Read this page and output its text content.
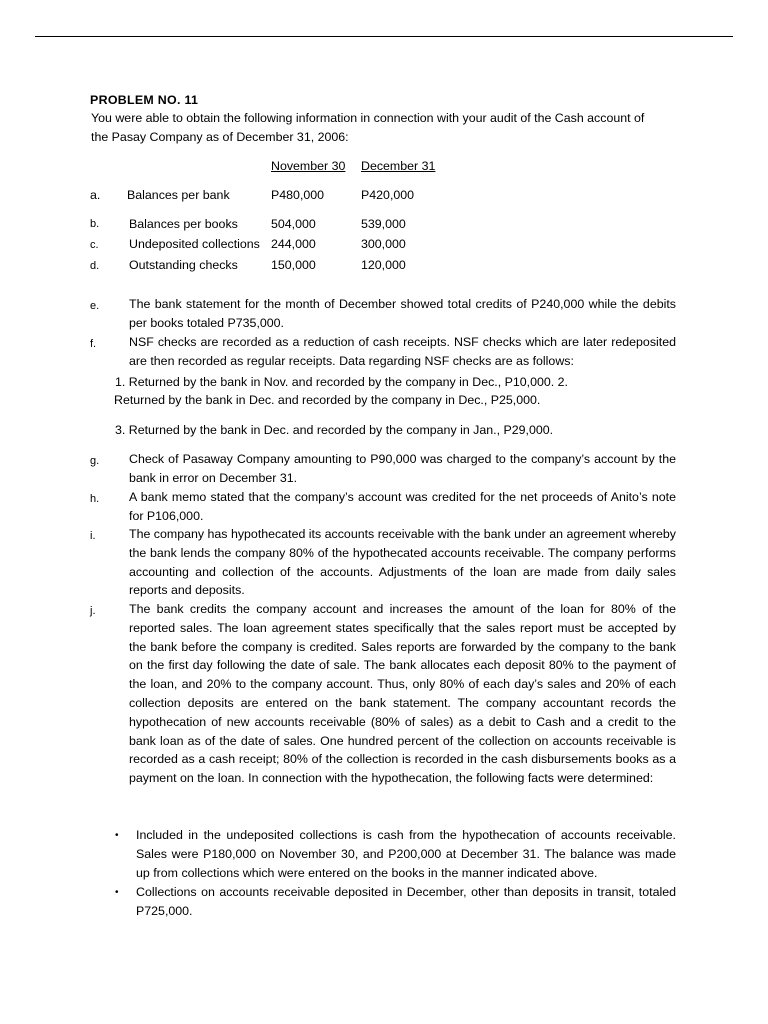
PROBLEM NO. 11

You were able to obtain the following information in connection with your audit of the Cash account of

the Pasay Company as of December 31, 2006:

November 30 December 31

a. Balances per bank	P480,000	P420,000

b. Balances per books	504,000	539,000

c. Undeposited collections 244,000	300,000

d. Outstanding checks	150,000	120,000

e. The bank statement for the month of December showed total credits of P240,000 while the debits per books totaled P735,000.

f.	NSF checks are recorded as a reduction of cash receipts. NSF checks which are later redeposited are then recorded as regular receipts. Data regarding NSF checks are as follows:

1. Returned by the bank in Nov. and recorded by the company in Dec., P10,000. 2.

Returned by the bank in Dec. and recorded by the company in Dec., P25,000.

3. Returned by the bank in Dec. and recorded by the company in Jan., P29,000.

g. Check of Pasaway Company amounting to P90,000 was charged to the company’s account by the bank in error on December 31.

h. A bank memo stated that the company’s account was credited for the net proceeds of Anito’s note for P106,000.

i.	The company has hypothecated its accounts receivable with the bank under an agreement whereby the bank lends the company 80% of the hypothecated accounts receivable. The company performs accounting and collection of the accounts. Adjustments of the loan are made from daily sales reports and deposits.

j.	The bank credits the company account and increases the amount of the loan for 80% of the reported sales. The loan agreement states specifically that the sales report must be accepted by the bank before the company is credited. Sales reports are forwarded by the company to the bank on the first day following the date of sale. The bank allocates each deposit 80% to the payment of the loan, and 20% to the company account. Thus, only 80% of each day’s sales and 20% of each collection deposits are entered on the bank statement. The company accountant records the hypothecation of new accounts receivable (80% of sales) as a debit to Cash and a credit to the bank loan as of the date of sales. One hundred percent of the collection on accounts receivable is recorded as a cash receipt; 80% of the collection is recorded in the cash disbursements books as a payment on the loan. In connection with the hypothecation, the following facts were determined:

• Included in the undeposited collections is cash from the hypothecation of accounts receivable. Sales were P180,000 on November 30, and P200,000 at December 31. The balance was made up from collections which were entered on the books in the manner indicated above.

• Collections on accounts receivable deposited in December, other than deposits in transit, totaled P725,000.
